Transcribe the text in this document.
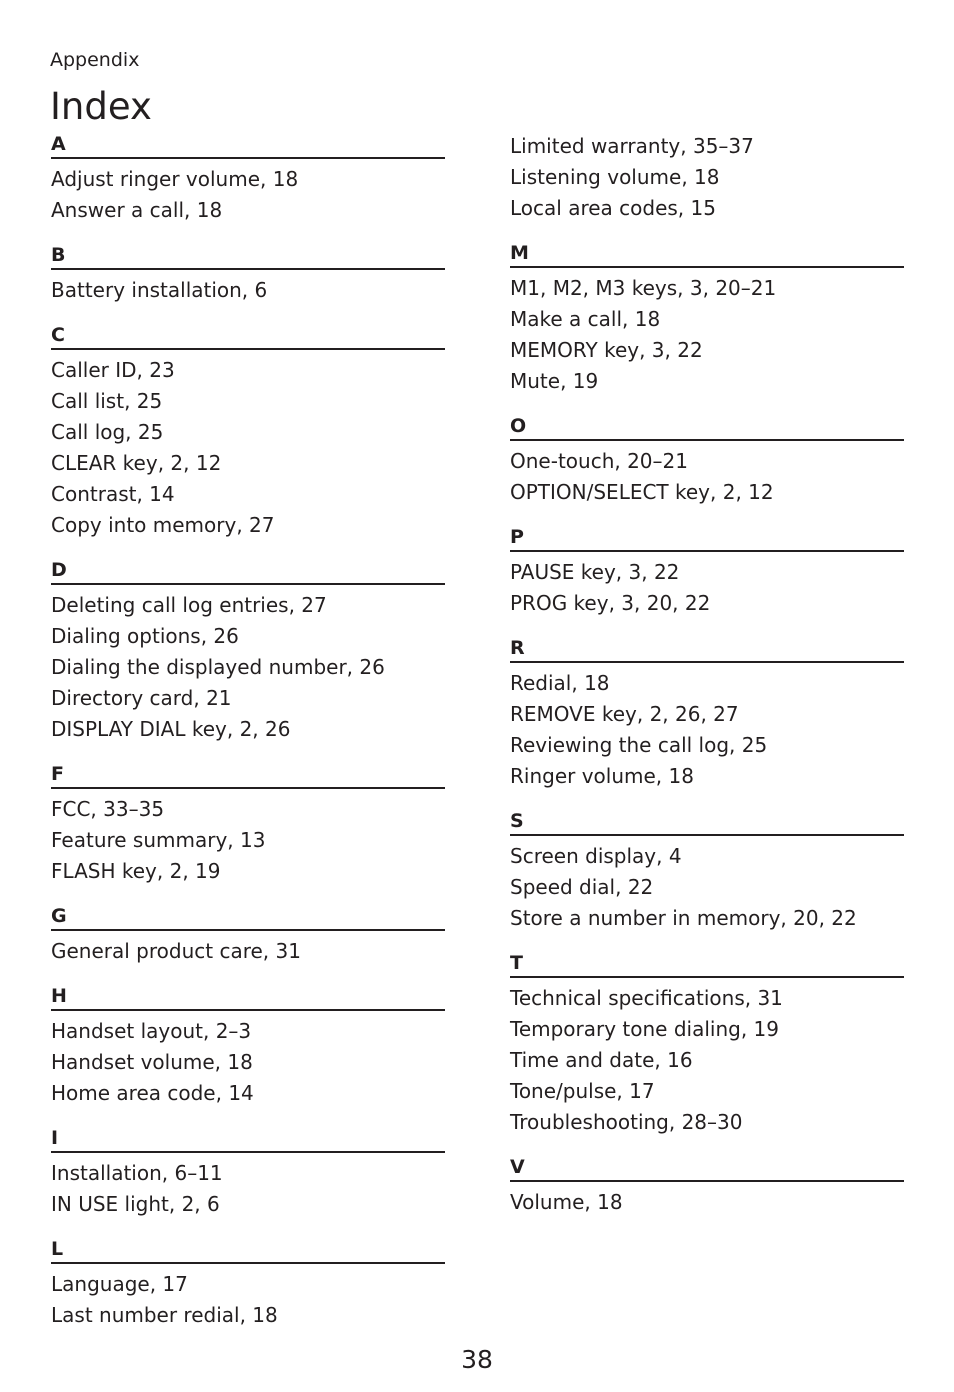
Appendix
Index
A
Adjust ringer volume, 18
Answer a call, 18
B
Battery installation, 6
C
Caller ID, 23
Call list, 25
Call log, 25
CLEAR key, 2, 12
Contrast, 14
Copy into memory, 27
D
Deleting call log entries, 27
Dialing options, 26
Dialing the displayed number, 26
Directory card, 21
DISPLAY DIAL key, 2, 26
F
FCC, 33–35
Feature summary, 13
FLASH key, 2, 19
G
General product care, 31
H
Handset layout, 2–3
Handset volume, 18
Home area code, 14
I
Installation, 6–11
IN USE light, 2, 6
L
Language, 17
Last number redial, 18
Limited warranty, 35–37
Listening volume, 18
Local area codes, 15
M
M1, M2, M3 keys, 3, 20–21
Make a call, 18
MEMORY key, 3, 22
Mute, 19
O
One-touch, 20–21
OPTION/SELECT key, 2, 12
P
PAUSE key, 3, 22
PROG key, 3, 20, 22
R
Redial, 18
REMOVE key, 2, 26, 27
Reviewing the call log, 25
Ringer volume, 18
S
Screen display, 4
Speed dial, 22
Store a number in memory, 20, 22
T
Technical specifications, 31
Temporary tone dialing, 19
Time and date, 16
Tone/pulse, 17
Troubleshooting, 28–30
V
Volume, 18
38
